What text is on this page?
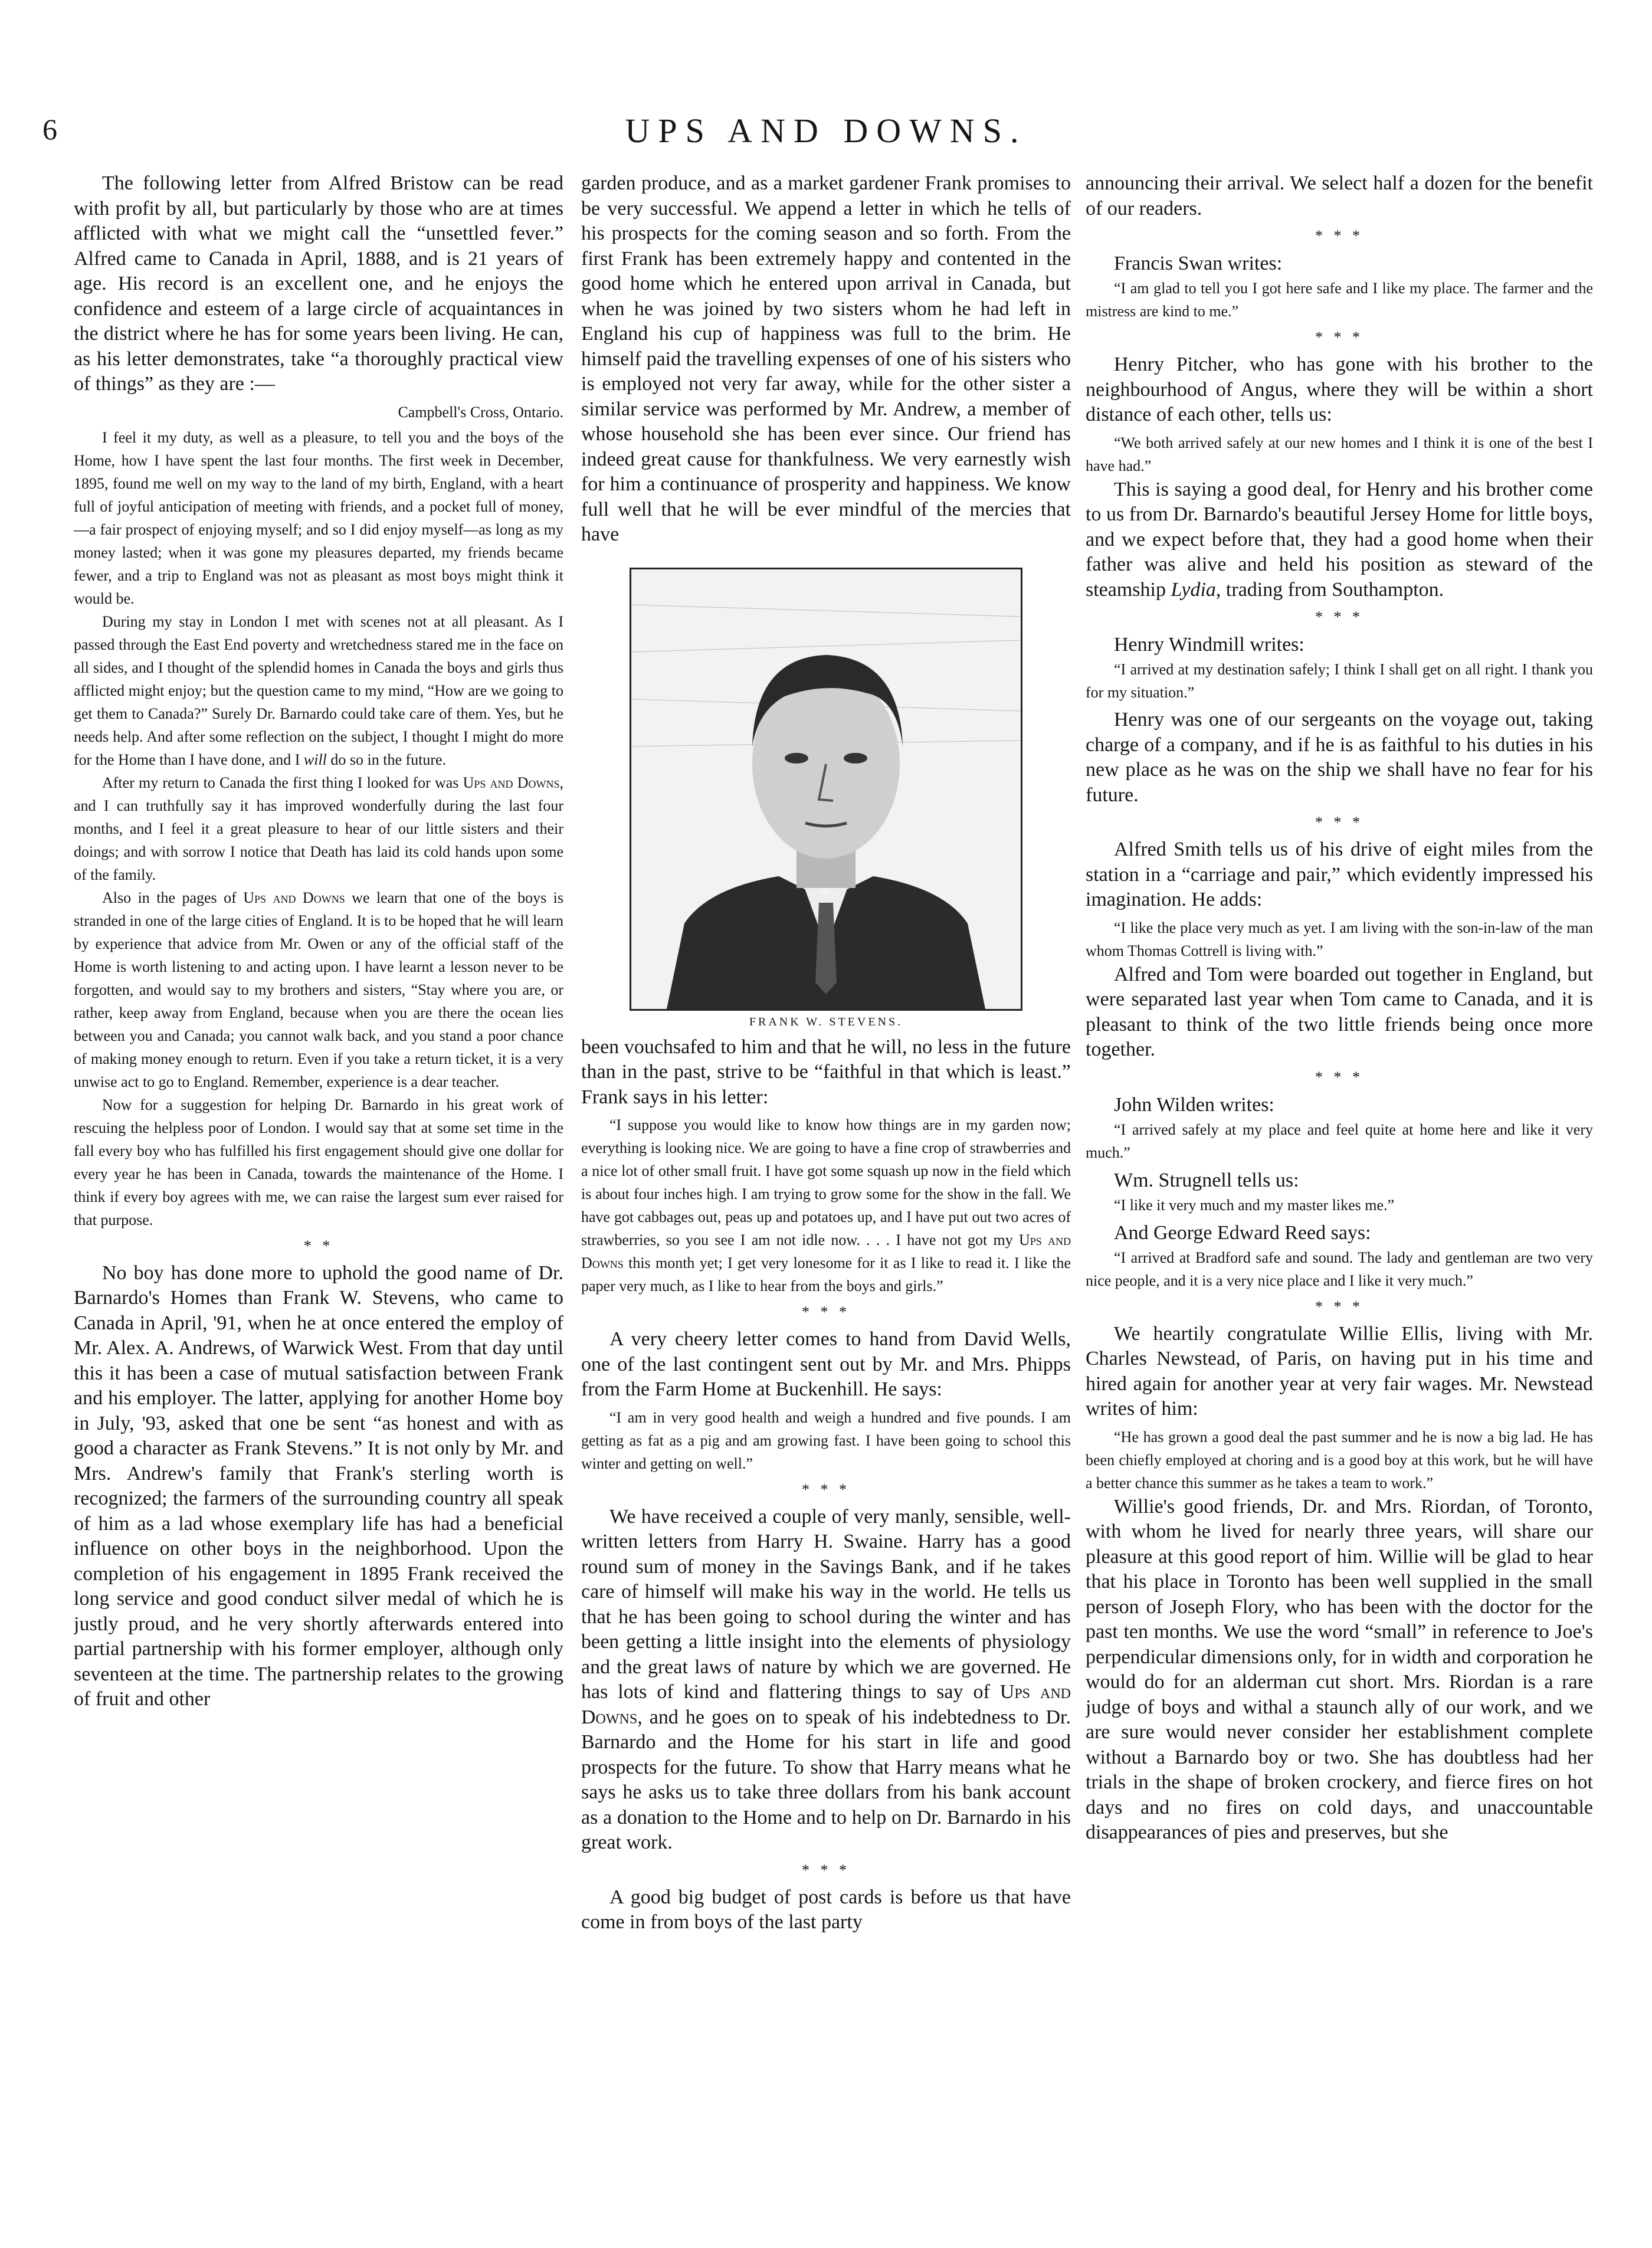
6	UPS AND DOWNS.

The following letter from Alfred Bristow can be read with profit by all, but particularly by those who are at times afflicted with what we might call the “unsettled fever.” Alfred came to Canada in April, 1888, and is 21 years of age. His record is an excellent one, and he enjoys the confidence and esteem of a large circle of acquaintances in the district where he has for some years been living. He can, as his letter demonstrates, take “a thoroughly practical view of things” as they are :—

Campbell's Cross, Ontario.

I feel it my duty, as well as a pleasure, to tell you and the boys of the Home, how I have spent the last four months. The first week in December, 1895, found me well on my way to the land of my birth, England, with a heart full of joyful anticipation of meeting with friends, and a pocket full of money,—a fair prospect of enjoying myself; and so I did enjoy myself—as long as my money lasted; when it was gone my pleasures departed, my friends became fewer, and a trip to England was not as pleasant as most boys might think it would be.

During my stay in London I met with scenes not at all pleasant. As I passed through the East End poverty and wretchedness stared me in the face on all sides, and I thought of the splendid homes in Canada the boys and girls thus afflicted might enjoy; but the question came to my mind, “How are we going to get them to Canada?” Surely Dr. Barnardo could take care of them. Yes, but he needs help. And after some reflection on the subject, I thought I might do more for the Home than I have done, and I will do so in the future.

After my return to Canada the first thing I looked for was Ups and Downs, and I can truthfully say it has improved wonderfully during the last four months, and I feel it a great pleasure to hear of our little sisters and their doings; and with sorrow I notice that Death has laid its cold hands upon some of the family.

Also in the pages of Ups and Downs we learn that one of the boys is stranded in one of the large cities of England. It is to be hoped that he will learn by experience that advice from Mr. Owen or any of the official staff of the Home is worth listening to and acting upon. I have learnt a lesson never to be forgotten, and would say to my brothers and sisters, “Stay where you are, or rather, keep away from England, because when you are there the ocean lies between you and Canada; you cannot walk back, and you stand a poor chance of making money enough to return. Even if you take a return ticket, it is a very unwise act to go to England. Remember, experience is a dear teacher.

Now for a suggestion for helping Dr. Barnardo in his great work of rescuing the helpless poor of London. I would say that at some set time in the fall every boy who has fulfilled his first engagement should give one dollar for every year he has been in Canada, towards the maintenance of the Home. I think if every boy agrees with me, we can raise the largest sum ever raised for that purpose.

* *

No boy has done more to uphold the good name of Dr. Barnardo's Homes than Frank W. Stevens, who came to Canada in April, '91, when he at once entered the employ of Mr. Alex. A. Andrews, of Warwick West. From that day until this it has been a case of mutual satisfaction between Frank and his employer. The latter, applying for another Home boy in July, '93, asked that one be sent “as honest and with as good a character as Frank Stevens.” It is not only by Mr. and Mrs. Andrew's family that Frank's sterling worth is recognized; the farmers of the surrounding country all speak of him as a lad whose exemplary life has had a beneficial influence on other boys in the neighborhood. Upon the completion of his engagement in 1895 Frank received the long service and good conduct silver medal of which he is justly proud, and he very shortly afterwards entered into partial partnership with his former employer, although only seventeen at the time. The partnership relates to the growing of fruit and other

garden produce, and as a market gardener Frank promises to be very successful. We append a letter in which he tells of his prospects for the coming season and so forth. From the first Frank has been extremely happy and contented in the good home which he entered upon arrival in Canada, but when he was joined by two sisters whom he had left in England his cup of happiness was full to the brim. He himself paid the travelling expenses of one of his sisters who is employed not very far away, while for the other sister a similar service was performed by Mr. Andrew, a member of whose household she has been ever since. Our friend has indeed great cause for thankfulness. We very earnestly wish for him a continuance of prosperity and happiness. We know full well that he will be ever mindful of the mercies that have

FRANK W. STEVENS.

been vouchsafed to him and that he will, no less in the future than in the past, strive to be “faithful in that which is least.” Frank says in his letter:

“I suppose you would like to know how things are in my garden now; everything is looking nice. We are going to have a fine crop of strawberries and a nice lot of other small fruit. I have got some squash up now in the field which is about four inches high. I am trying to grow some for the show in the fall. We have got cabbages out, peas up and potatoes up, and I have put out two acres of strawberries, so you see I am not idle now. . . . I have not got my Ups and Downs this month yet; I get very lonesome for it as I like to read it. I like the paper very much, as I like to hear from the boys and girls.”

* * *

A very cheery letter comes to hand from David Wells, one of the last contingent sent out by Mr. and Mrs. Phipps from the Farm Home at Buckenhill. He says:

“I am in very good health and weigh a hundred and five pounds. I am getting as fat as a pig and am growing fast. I have been going to school this winter and getting on well.”

* * *

We have received a couple of very manly, sensible, well-written letters from Harry H. Swaine. Harry has a good round sum of money in the Savings Bank, and if he takes care of himself will make his way in the world. He tells us that he has been going to school during the winter and has been getting a little insight into the elements of physiology and the great laws of nature by which we are governed. He has lots of kind and flattering things to say of Ups and Downs, and he goes on to speak of his indebtedness to Dr. Barnardo and the Home for his start in life and good prospects for the future. To show that Harry means what he says he asks us to take three dollars from his bank account as a donation to the Home and to help on Dr. Barnardo in his great work.

* * *

A good big budget of post cards is before us that have come in from boys of the last party

announcing their arrival. We select half a dozen for the benefit of our readers.

* * *

Francis Swan writes:

“I am glad to tell you I got here safe and I like my place. The farmer and the mistress are kind to me.”

* * *

Henry Pitcher, who has gone with his brother to the neighbourhood of Angus, where they will be within a short distance of each other, tells us:

“We both arrived safely at our new homes and I think it is one of the best I have had.”

This is saying a good deal, for Henry and his brother come to us from Dr. Barnardo's beautiful Jersey Home for little boys, and we expect before that, they had a good home when their father was alive and held his position as steward of the steamship Lydia, trading from Southampton.

* * *

Henry Windmill writes:

“I arrived at my destination safely; I think I shall get on all right. I thank you for my situation.”

Henry was one of our sergeants on the voyage out, taking charge of a company, and if he is as faithful to his duties in his new place as he was on the ship we shall have no fear for his future.

* * *

Alfred Smith tells us of his drive of eight miles from the station in a “carriage and pair,” which evidently impressed his imagination. He adds:

“I like the place very much as yet. I am living with the son-in-law of the man whom Thomas Cottrell is living with.”

Alfred and Tom were boarded out together in England, but were separated last year when Tom came to Canada, and it is pleasant to think of the two little friends being once more together.

* * *

John Wilden writes:

“I arrived safely at my place and feel quite at home here and like it very much.”

Wm. Strugnell tells us:

“I like it very much and my master likes me.”

And George Edward Reed says:

“I arrived at Bradford safe and sound. The lady and gentleman are two very nice people, and it is a very nice place and I like it very much.”

* * *

We heartily congratulate Willie Ellis, living with Mr. Charles Newstead, of Paris, on having put in his time and hired again for another year at very fair wages. Mr. Newstead writes of him:

“He has grown a good deal the past summer and he is now a big lad. He has been chiefly employed at choring and is a good boy at this work, but he will have a better chance this summer as he takes a team to work.”

Willie's good friends, Dr. and Mrs. Riordan, of Toronto, with whom he lived for nearly three years, will share our pleasure at this good report of him. Willie will be glad to hear that his place in Toronto has been well supplied in the small person of Joseph Flory, who has been with the doctor for the past ten months. We use the word “small” in reference to Joe's perpendicular dimensions only, for in width and corporation he would do for an alderman cut short. Mrs. Riordan is a rare judge of boys and withal a staunch ally of our work, and we are sure would never consider her establishment complete without a Barnardo boy or two. She has doubtless had her trials in the shape of broken crockery, and fierce fires on hot days and no fires on cold days, and unaccountable disappearances of pies and preserves, but she
